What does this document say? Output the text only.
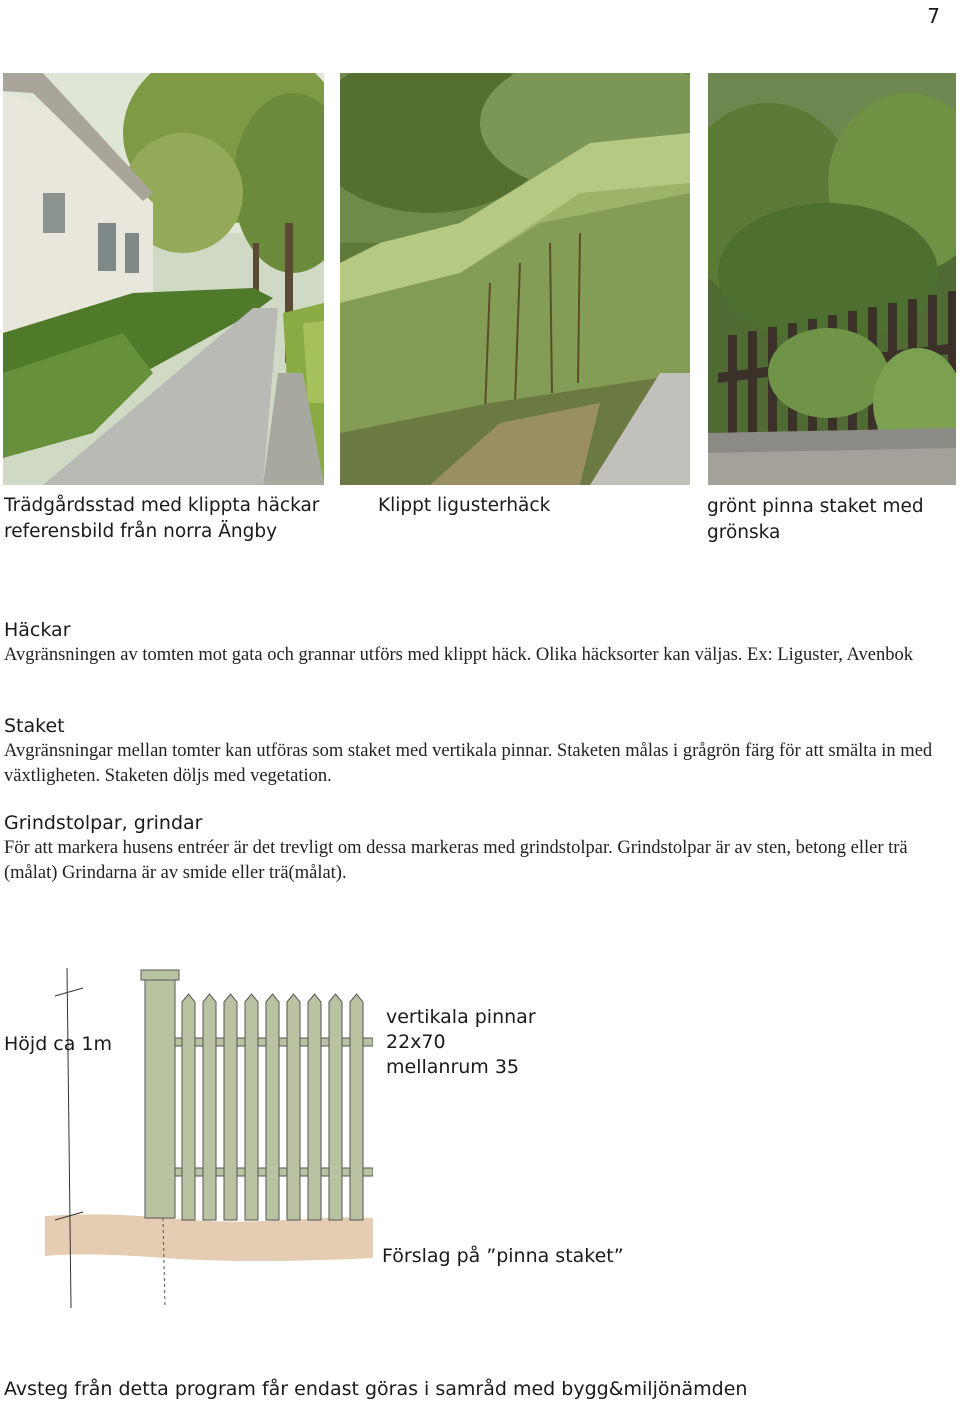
7
Trädgårdsstad med klippta häckar
referensbild från norra Ängby
Klippt ligusterhäck	grönt pinna staket med
grönska
Häckar
Avgränsningen av tomten mot gata och grannar utförs med klippt häck. Olika häcksorter kan väljas. Ex: Liguster, Avenbok
Staket
Avgränsningar mellan tomter kan utföras som staket med vertikala pinnar. Staketen målas i grågrön färg för att smälta in med växtligheten. Staketen döljs med vegetation.
Grindstolpar, grindar
För att markera husens entréer är det trevligt om dessa markeras med grindstolpar. Grindstolpar är av sten, betong eller trä (målat) Grindarna är av smide eller trä(målat).
Höjd ca 1m
vertikala pinnar
22x70
mellanrum 35
Förslag på ”pinna staket”
Avsteg från detta program får endast göras i samråd med bygg&miljönämden
